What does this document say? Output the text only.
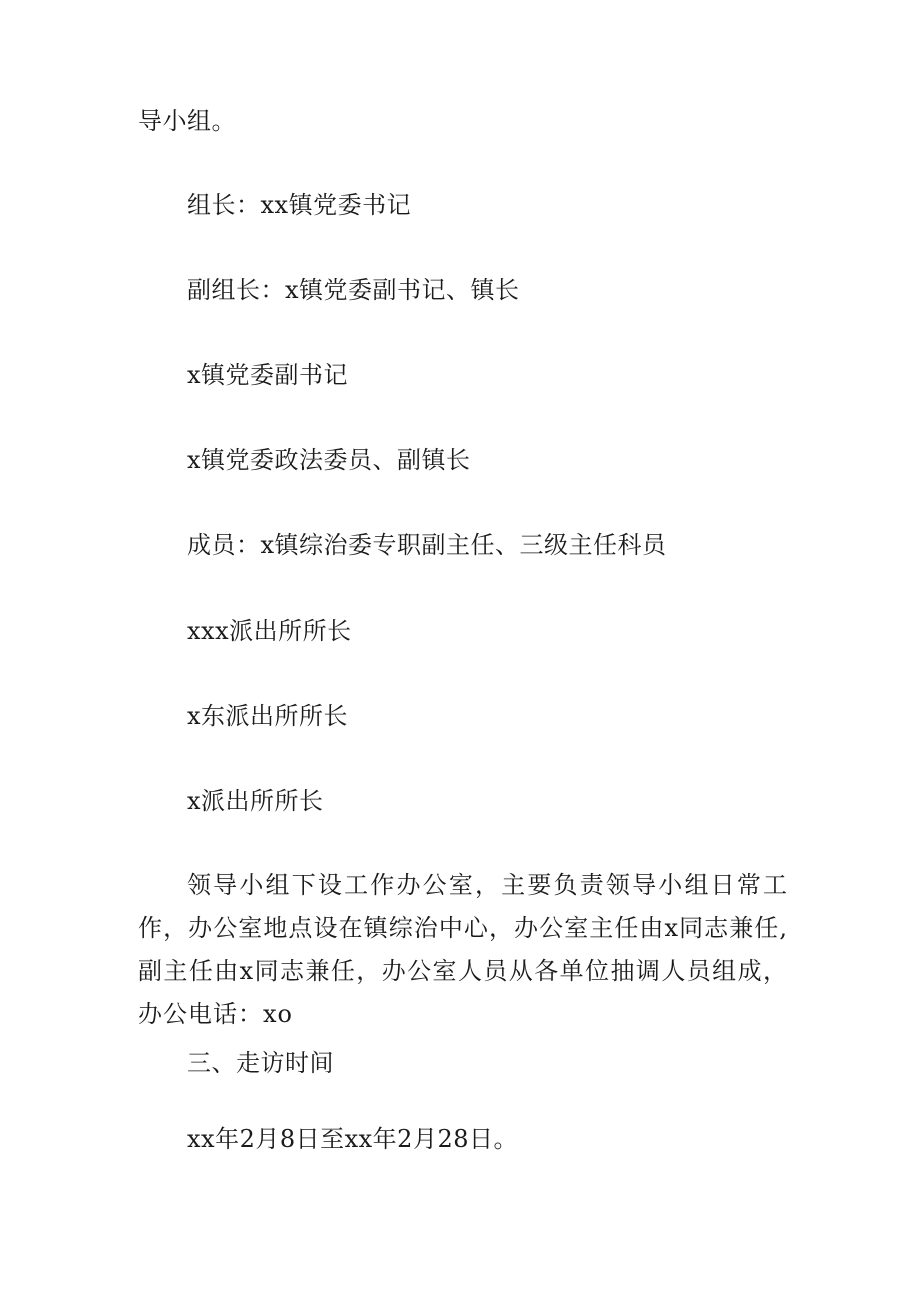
导小组。
组长：xx镇党委书记
副组长：x镇党委副书记、镇长
x镇党委副书记
x镇党委政法委员、副镇长
成员：x镇综治委专职副主任、三级主任科员
xxx派出所所长
x东派出所所长
x派出所所长
领导小组下设工作办公室，主要负责领导小组日常工作，办公室地点设在镇综治中心，办公室主任由x同志兼任,副主任由x同志兼任，办公室人员从各单位抽调人员组成，办公电话：xo
三、走访时间
xx年2月8日至xx年2月28日。
